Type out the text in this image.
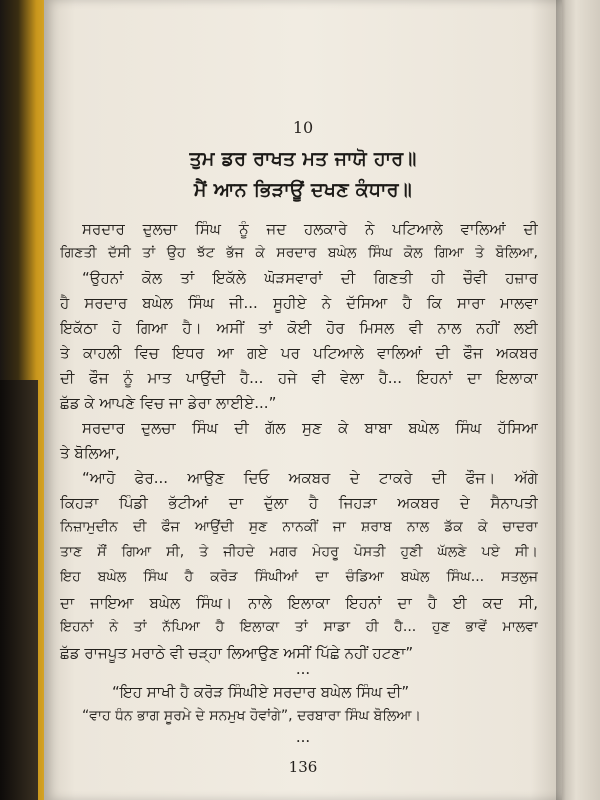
10
ਤੁਮ ਡਰ ਰਾਖਤ ਮਤ ਜਾਯੋ ਹਾਰ॥
ਮੈਂ ਆਨ ਭਿੜਾਊਂ ਦਖਣ ਕੰਧਾਰ॥
ਸਰਦਾਰ ਦੁਲਚਾ ਸਿੰਘ ਨੂੰ ਜਦ ਹਲਕਾਰੇ ਨੇ ਪਟਿਆਲੇ ਵਾਲਿਆਂ ਦੀ
ਗਿਣਤੀ ਦੱਸੀ ਤਾਂ ਉਹ ਝੱਟ ਭੱਜ ਕੇ ਸਰਦਾਰ ਬਘੇਲ ਸਿੰਘ ਕੋਲ ਗਿਆ ਤੇ ਬੋਲਿਆ,
“ਉਹਨਾਂ ਕੋਲ ਤਾਂ ਇਕੱਲੇ ਘੋੜਸਵਾਰਾਂ ਦੀ ਗਿਣਤੀ ਹੀ ਚੌਵੀ ਹਜ਼ਾਰ
ਹੈ ਸਰਦਾਰ ਬਘੇਲ ਸਿੰਘ ਜੀ... ਸੂਹੀਏ ਨੇ ਦੱਸਿਆ ਹੈ ਕਿ ਸਾਰਾ ਮਾਲਵਾ
ਇਕੱਠਾ ਹੋ ਗਿਆ ਹੈ। ਅਸੀਂ ਤਾਂ ਕੋਈ ਹੋਰ ਮਿਸਲ ਵੀ ਨਾਲ ਨਹੀਂ ਲਈ
ਤੇ ਕਾਹਲੀ ਵਿਚ ਇਧਰ ਆ ਗਏ ਪਰ ਪਟਿਆਲੇ ਵਾਲਿਆਂ ਦੀ ਫੌਜ ਅਕਬਰ
ਦੀ ਫੌਜ ਨੂੰ ਮਾਤ ਪਾਉਂਦੀ ਹੈ... ਹਜੇ ਵੀ ਵੇਲਾ ਹੈ... ਇਹਨਾਂ ਦਾ ਇਲਾਕਾ
ਛੱਡ ਕੇ ਆਪਣੇ ਵਿਚ ਜਾ ਡੇਰਾ ਲਾਈਏ...”
ਸਰਦਾਰ ਦੁਲਚਾ ਸਿੰਘ ਦੀ ਗੱਲ ਸੁਣ ਕੇ ਬਾਬਾ ਬਘੇਲ ਸਿੰਘ ਹੱਸਿਆ
ਤੇ ਬੋਲਿਆ,
“ਆਹੋ ਫੇਰ... ਆਉਣ ਦਿਓ ਅਕਬਰ ਦੇ ਟਾਕਰੇ ਦੀ ਫੌਜ। ਅੱਗੇ
ਕਿਹੜਾ ਪਿੰਡੀ ਭੱਟੀਆਂ ਦਾ ਦੁੱਲਾ ਹੈ ਜਿਹੜਾ ਅਕਬਰ ਦੇ ਸੈਨਾਪਤੀ
ਨਿਜ਼ਾਮੁਦੀਨ ਦੀ ਫੌਜ ਆਉਂਦੀ ਸੁਣ ਨਾਨਕੀਂ ਜਾ ਸ਼ਰਾਬ ਨਾਲ ਡੱਕ ਕੇ ਚਾਦਰਾ
ਤਾਣ ਸੌਂ ਗਿਆ ਸੀ, ਤੇ ਜੀਹਦੇ ਮਗਰ ਮੇਹਰੂ ਪੋਸਤੀ ਹੁਣੀ ਘੱਲਣੇ ਪਏ ਸੀ।
ਇਹ ਬਘੇਲ ਸਿੰਘ ਹੈ ਕਰੋੜ ਸਿੰਘੀਆਂ ਦਾ ਚੰਡਿਆ ਬਘੇਲ ਸਿੰਘ... ਸਤਲੁਜ
ਦਾ ਜਾਇਆ ਬਘੇਲ ਸਿੰਘ। ਨਾਲੇ ਇਲਾਕਾ ਇਹਨਾਂ ਦਾ ਹੈ ਈ ਕਦ ਸੀ,
ਇਹਨਾਂ ਨੇ ਤਾਂ ਨੱਪਿਆ ਹੈ ਇਲਾਕਾ ਤਾਂ ਸਾਡਾ ਹੀ ਹੈ... ਹੁਣ ਭਾਵੇਂ ਮਾਲਵਾ
ਛੱਡ ਰਾਜਪੂਤ ਮਰਾਠੇ ਵੀ ਚੜ੍ਹਾ ਲਿਆਉਣ ਅਸੀਂ ਪਿੱਛੇ ਨਹੀਂ ਹਟਣਾ”
...
“ਇਹ ਸਾਖੀ ਹੈ ਕਰੋੜ ਸਿੰਘੀਏ ਸਰਦਾਰ ਬਘੇਲ ਸਿੰਘ ਦੀ”
“ਵਾਹ ਧੰਨ ਭਾਗ ਸੂਰਮੇ ਦੇ ਸਨਮੁਖ ਹੋਵਾਂਗੇ”, ਦਰਬਾਰਾ ਸਿੰਘ ਬੋਲਿਆ।
...
136
